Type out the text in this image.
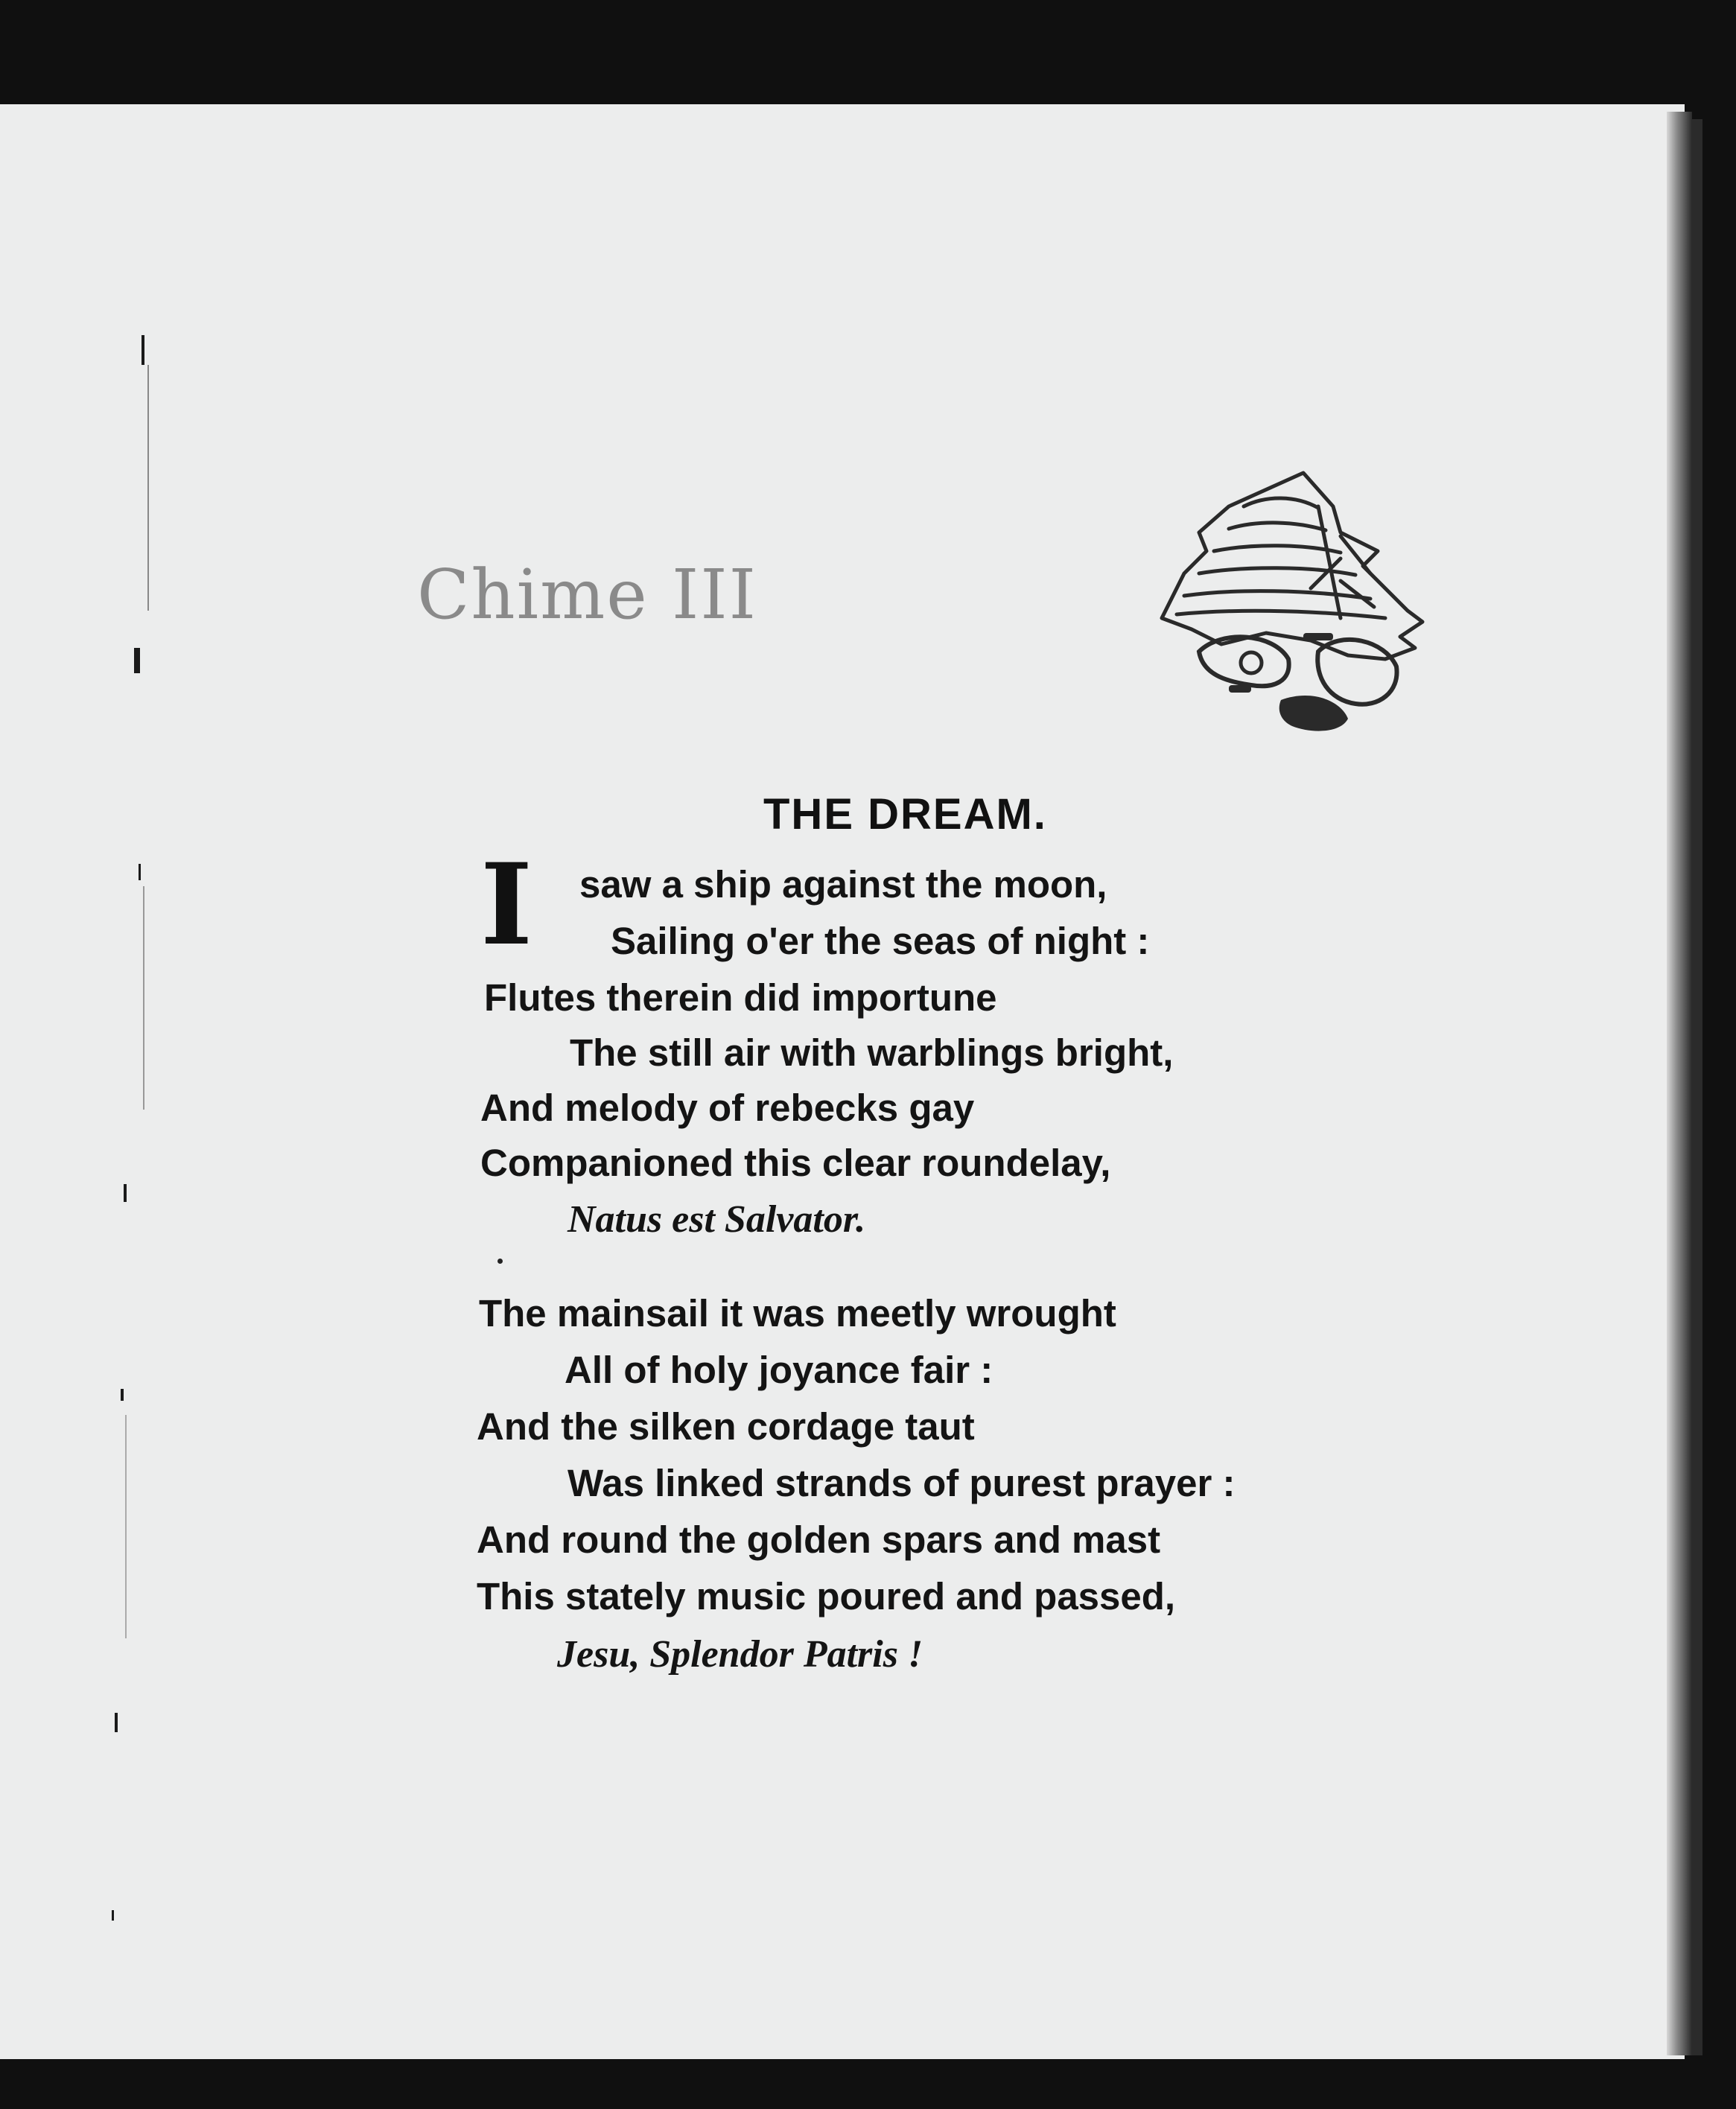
Chime III
THE DREAM.
I saw a ship against the moon,
Sailing o'er the seas of night :
Flutes therein did importune
The still air with warblings bright,
And melody of rebecks gay
Companioned this clear roundelay,
Natus est Salvator.
The mainsail it was meetly wrought
All of holy joyance fair :
And the silken cordage taut
Was linked strands of purest prayer :
And round the golden spars and mast
This stately music poured and passed,
Jesu, Splendor Patris !
